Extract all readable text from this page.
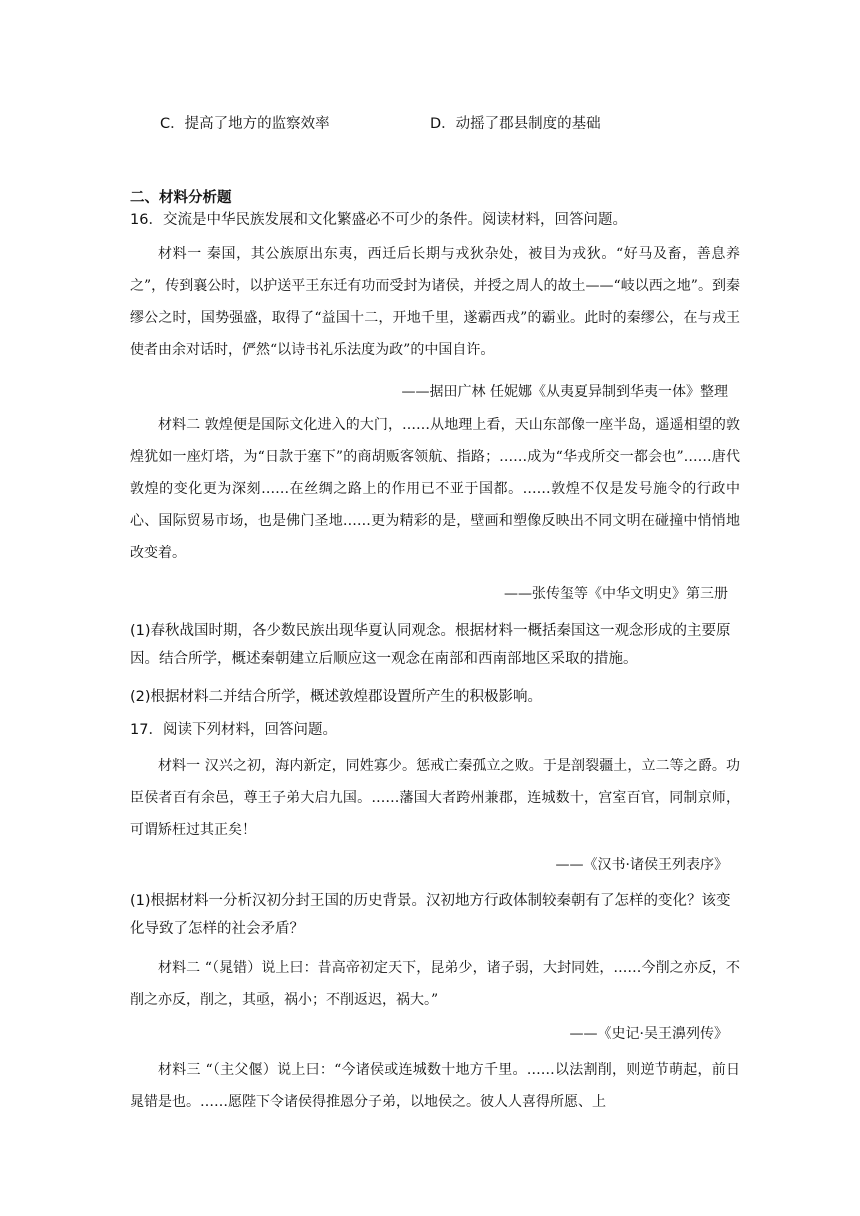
C．提高了地方的监察效率	D．动摇了郡县制度的基础
二、材料分析题
16．交流是中华民族发展和文化繁盛必不可少的条件。阅读材料，回答问题。

材料一 秦国，其公族原出东夷，西迁后长期与戎狄杂处，被目为戎狄。“好马及畜，善息养之”，传到襄公时，以护送平王东迁有功而受封为诸侯，并授之周人的故土——“岐以西之地”。到秦缪公之时，国势强盛，取得了“益国十二，开地千里，遂霸西戎”的霸业。此时的秦缪公，在与戎王使者由余对话时，俨然“以诗书礼乐法度为政”的中国自许。

——据田广林 任妮娜《从夷夏异制到华夷一体》整理

材料二 敦煌便是国际文化进入的大门，……从地理上看，天山东部像一座半岛，遥遥相望的敦煌犹如一座灯塔，为“日款于塞下”的商胡贩客领航、指路；……成为“华戎所交一都会也”……唐代敦煌的变化更为深刻……在丝绸之路上的作用已不亚于国都。……敦煌不仅是发号施令的行政中心、国际贸易市场，也是佛门圣地……更为精彩的是，壁画和塑像反映出不同文明在碰撞中悄悄地改变着。

——张传玺等《中华文明史》第三册

(1)春秋战国时期，各少数民族出现华夏认同观念。根据材料一概括秦国这一观念形成的主要原因。结合所学，概述秦朝建立后顺应这一观念在南部和西南部地区采取的措施。

(2)根据材料二并结合所学，概述敦煌郡设置所产生的积极影响。

17．阅读下列材料，回答问题。

材料一 汉兴之初，海内新定，同姓寡少。惩戒亡秦孤立之败。于是剖裂疆土，立二等之爵。功臣侯者百有余邑，尊王子弟大启九国。……藩国大者跨州兼郡，连城数十，宫室百官，同制京师，可谓矫枉过其正矣！

——《汉书·诸侯王列表序》

(1)根据材料一分析汉初分封王国的历史背景。汉初地方行政体制较秦朝有了怎样的变化？该变化导致了怎样的社会矛盾？

材料二 “（晁错）说上曰：昔高帝初定天下，昆弟少，诸子弱，大封同姓，……今削之亦反，不削之亦反，削之，其亟，祸小；不削返迟，祸大。”

——《史记·吴王濞列传》

材料三 “（主父偃）说上曰：“今诸侯或连城数十地方千里。……以法割削，则逆节萌起，前日晁错是也。……愿陛下令诸侯得推恩分子弟，以地侯之。彼人人喜得所愿、上
